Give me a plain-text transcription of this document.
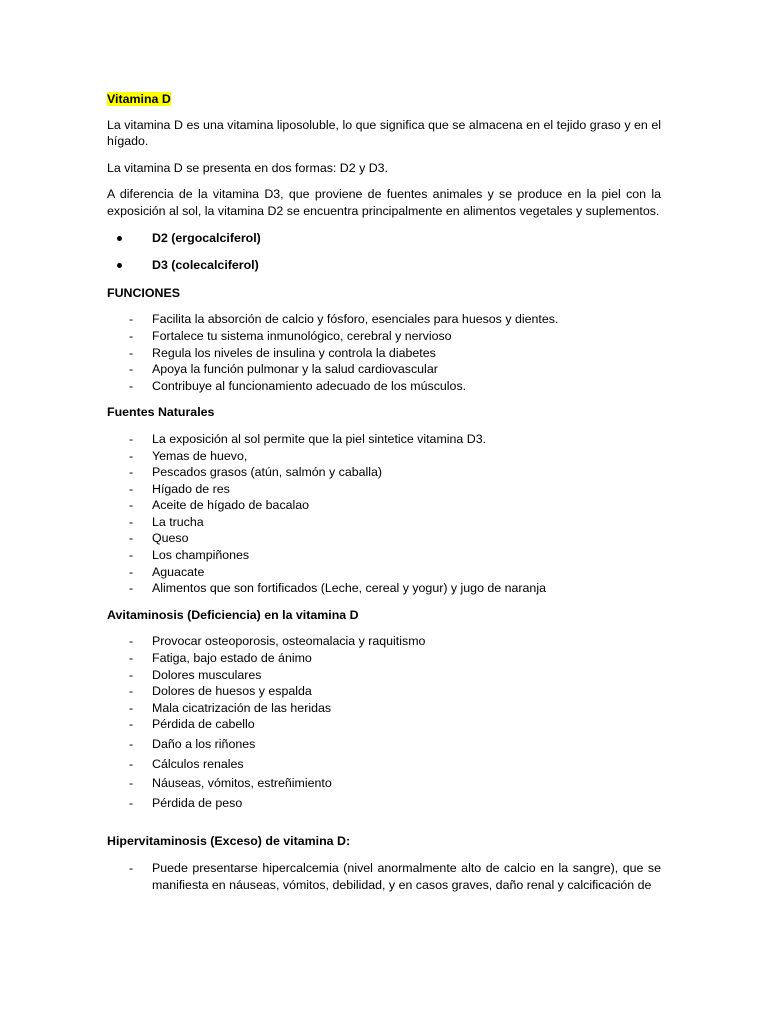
Vitamina D

La vitamina D es una vitamina liposoluble, lo que significa que se almacena en el tejido graso y en el hígado.

La vitamina D se presenta en dos formas: D2 y D3.

A diferencia de la vitamina D3, que proviene de fuentes animales y se produce en la piel con la exposición al sol, la vitamina D2 se encuentra principalmente en alimentos vegetales y suplementos.

D2 (ergocalciferol)
D3 (colecalciferol)
FUNCIONES
- Facilita la absorción de calcio y fósforo, esenciales para huesos y dientes.
- Fortalece tu sistema inmunológico, cerebral y nervioso
- Regula los niveles de insulina y controla la diabetes
- Apoya la función pulmonar y la salud cardiovascular
- Contribuye al funcionamiento adecuado de los músculos.
Fuentes Naturales
- La exposición al sol permite que la piel sintetice vitamina D3.
- Yemas de huevo,
- Pescados grasos (atún, salmón y caballa)
- Hígado de res
- Aceite de hígado de bacalao
- La trucha
- Queso
- Los champiñones
- Aguacate
- Alimentos que son fortificados (Leche, cereal y yogur) y jugo de naranja
Avitaminosis (Deficiencia) en la vitamina D
- Provocar osteoporosis, osteomalacia y raquitismo
- Fatiga, bajo estado de ánimo
- Dolores musculares
- Dolores de huesos y espalda
- Mala cicatrización de las heridas
- Pérdida de cabello
- Daño a los riñones
- Cálculos renales
- Náuseas, vómitos, estreñimiento
- Pérdida de peso
Hipervitaminosis (Exceso) de vitamina D:
- Puede presentarse hipercalcemia (nivel anormalmente alto de calcio en la sangre), que se manifiesta en náuseas, vómitos, debilidad, y en casos graves, daño renal y calcificación de
